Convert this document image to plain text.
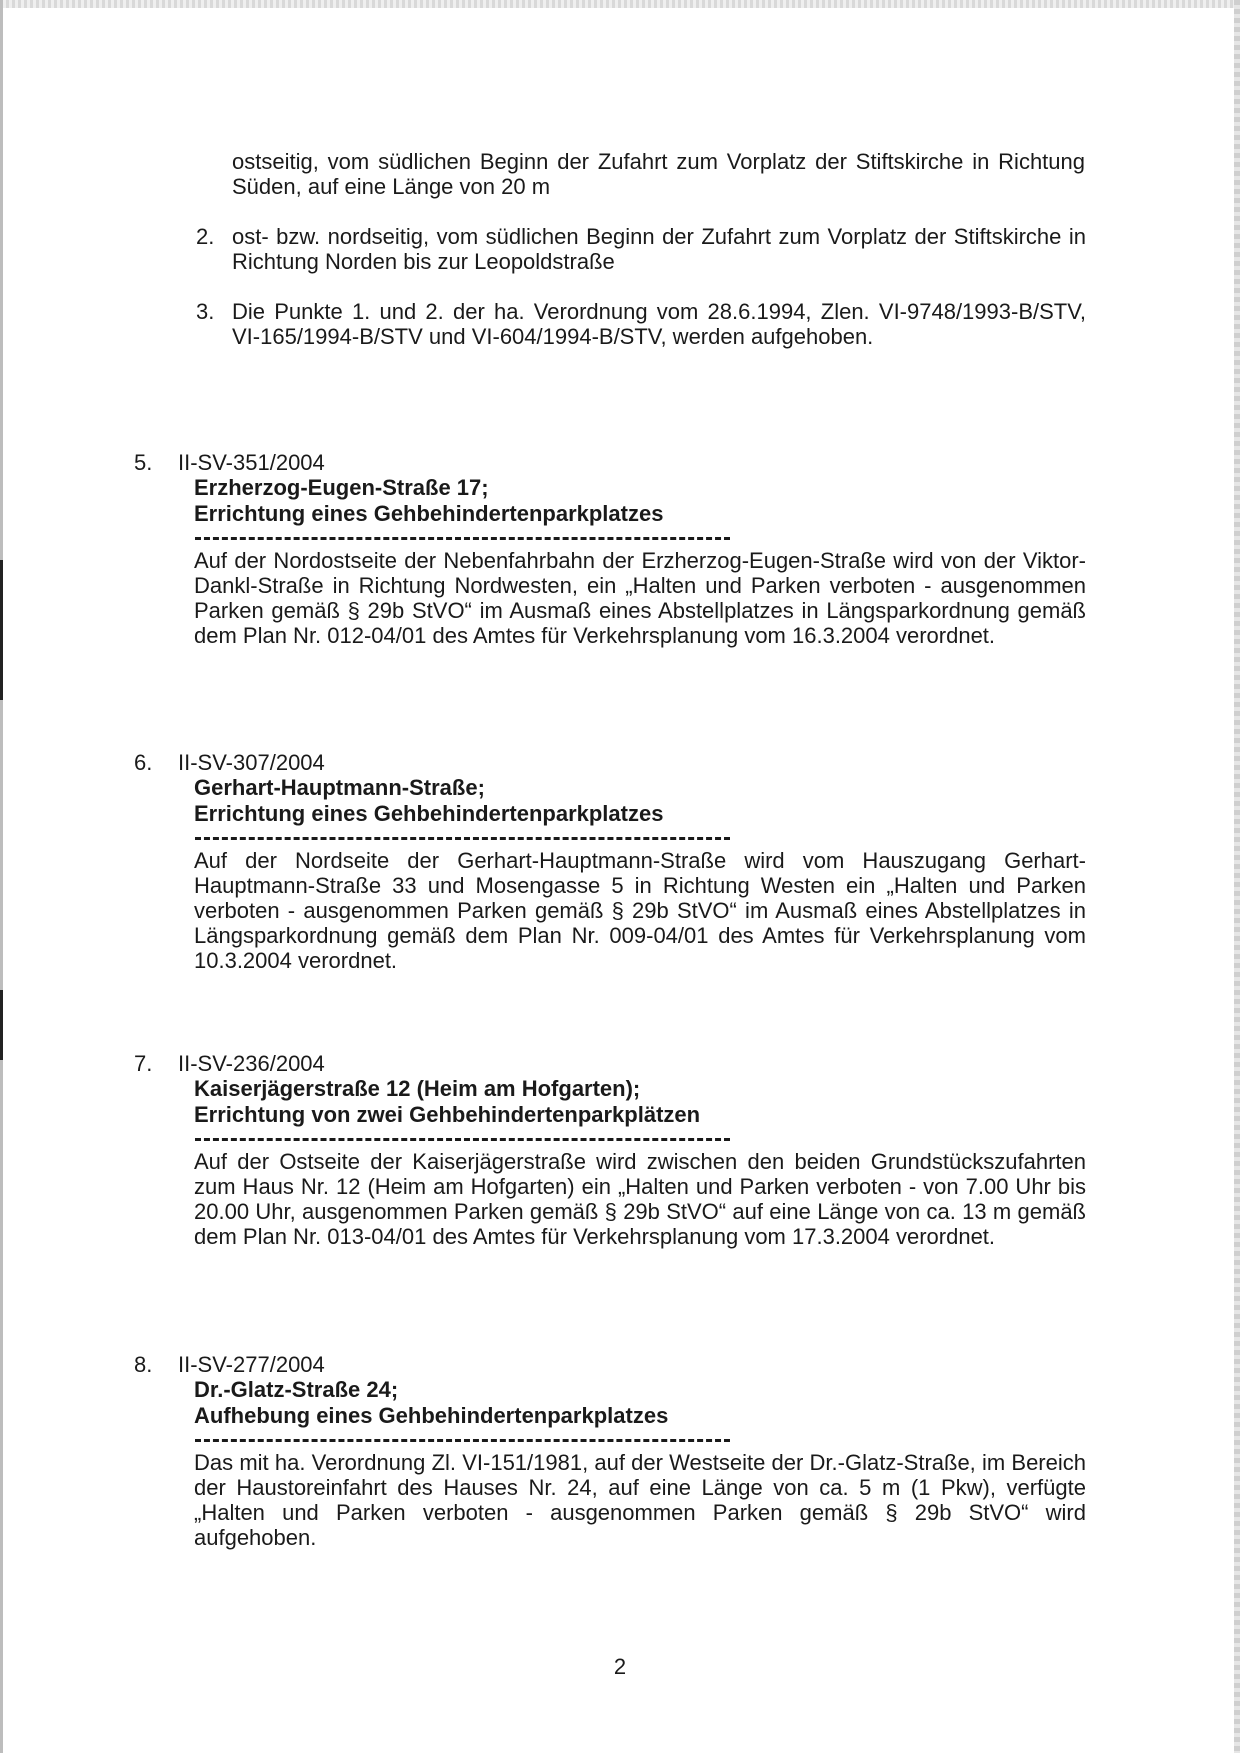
ostseitig, vom südlichen Beginn der Zufahrt zum Vorplatz der Stiftskirche in Richtung Süden, auf eine Länge von 20 m
2. ost- bzw. nordseitig, vom südlichen Beginn der Zufahrt zum Vorplatz der Stiftskirche in Richtung Norden bis zur Leopoldstraße
3. Die Punkte 1. und 2. der ha. Verordnung vom 28.6.1994, Zlen. VI-9748/1993-B/STV, VI-165/1994-B/STV und VI-604/1994-B/STV, werden aufgehoben.
5. II-SV-351/2004
Erzherzog-Eugen-Straße 17;
Errichtung eines Gehbehindertenparkplatzes
Auf der Nordostseite der Nebenfahrbahn der Erzherzog-Eugen-Straße wird von der Viktor-Dankl-Straße in Richtung Nordwesten, ein „Halten und Parken verboten - ausgenommen Parken gemäß § 29b StVO“ im Ausmaß eines Abstellplatzes in Längsparkordnung gemäß dem Plan Nr. 012-04/01 des Amtes für Verkehrsplanung vom 16.3.2004 verordnet.
6. II-SV-307/2004
Gerhart-Hauptmann-Straße;
Errichtung eines Gehbehindertenparkplatzes
Auf der Nordseite der Gerhart-Hauptmann-Straße wird vom Hauszugang Gerhart-Hauptmann-Straße 33 und Mosengasse 5 in Richtung Westen ein „Halten und Parken verboten - ausgenommen Parken gemäß § 29b StVO“ im Ausmaß eines Abstellplatzes in Längsparkordnung gemäß dem Plan Nr. 009-04/01 des Amtes für Verkehrsplanung vom 10.3.2004 verordnet.
7. II-SV-236/2004
Kaiserjägerstraße 12 (Heim am Hofgarten);
Errichtung von zwei Gehbehindertenparkplätzen
Auf der Ostseite der Kaiserjägerstraße wird zwischen den beiden Grundstückszufahrten zum Haus Nr. 12 (Heim am Hofgarten) ein „Halten und Parken verboten - von 7.00 Uhr bis 20.00 Uhr, ausgenommen Parken gemäß § 29b StVO“ auf eine Länge von ca. 13 m gemäß dem Plan Nr. 013-04/01 des Amtes für Verkehrsplanung vom 17.3.2004 verordnet.
8. II-SV-277/2004
Dr.-Glatz-Straße 24;
Aufhebung eines Gehbehindertenparkplatzes
Das mit ha. Verordnung Zl. VI-151/1981, auf der Westseite der Dr.-Glatz-Straße, im Bereich der Haustoreinfahrt des Hauses Nr. 24, auf eine Länge von ca. 5 m (1 Pkw), verfügte „Halten und Parken verboten - ausgenommen Parken gemäß § 29b StVO“ wird aufgehoben.
2
